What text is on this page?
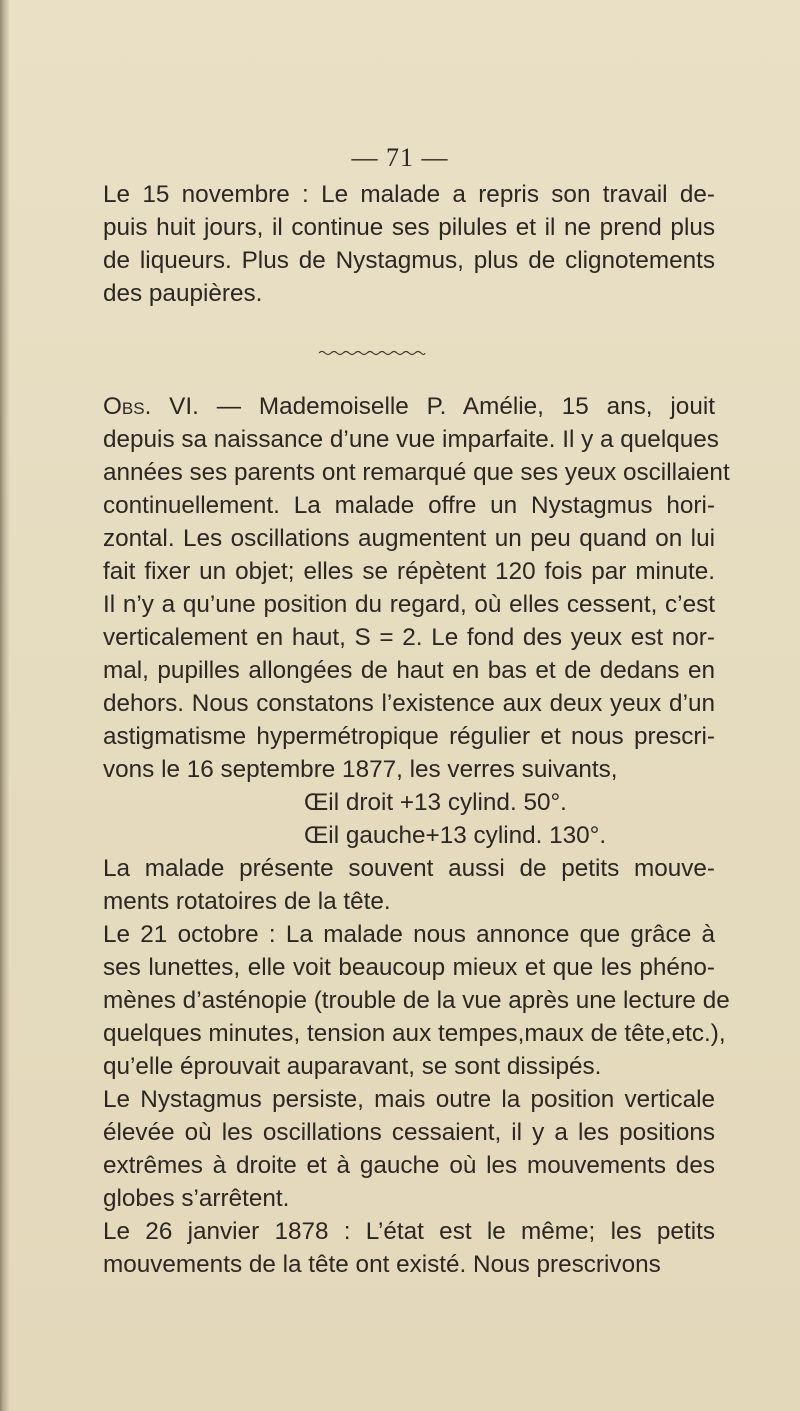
— 71 —
Le 15 novembre : Le malade a repris son travail de-
puis huit jours, il continue ses pilules et il ne prend plus
de liqueurs. Plus de Nystagmus, plus de clignotements
des paupières.
Obs. VI. — Mademoiselle P. Amélie, 15 ans, jouit
depuis sa naissance d’une vue imparfaite. Il y a quelques
années ses parents ont remarqué que ses yeux oscillaient
continuellement. La malade offre un Nystagmus hori-
zontal. Les oscillations augmentent un peu quand on lui
fait fixer un objet; elles se répètent 120 fois par minute.
Il n’y a qu’une position du regard, où elles cessent, c’est
verticalement en haut, S = 2. Le fond des yeux est nor-
mal, pupilles allongées de haut en bas et de dedans en
dehors. Nous constatons l’existence aux deux yeux d’un
astigmatisme hypermétropique régulier et nous prescri-
vons le 16 septembre 1877, les verres suivants,
Œil droit +13 cylind. 50°.
Œil gauche+13 cylind. 130°.
La malade présente souvent aussi de petits mouve-
ments rotatoires de la tête.
Le 21 octobre : La malade nous annonce que grâce à
ses lunettes, elle voit beaucoup mieux et que les phéno-
mènes d’asténopie (trouble de la vue après une lecture de
quelques minutes, tension aux tempes,maux de tête,etc.),
qu’elle éprouvait auparavant, se sont dissipés.
Le Nystagmus persiste, mais outre la position verticale
élevée où les oscillations cessaient, il y a les positions
extrêmes à droite et à gauche où les mouvements des
globes s’arrêtent.
Le 26 janvier 1878 : L’état est le même; les petits
mouvements de la tête ont existé. Nous prescrivons
